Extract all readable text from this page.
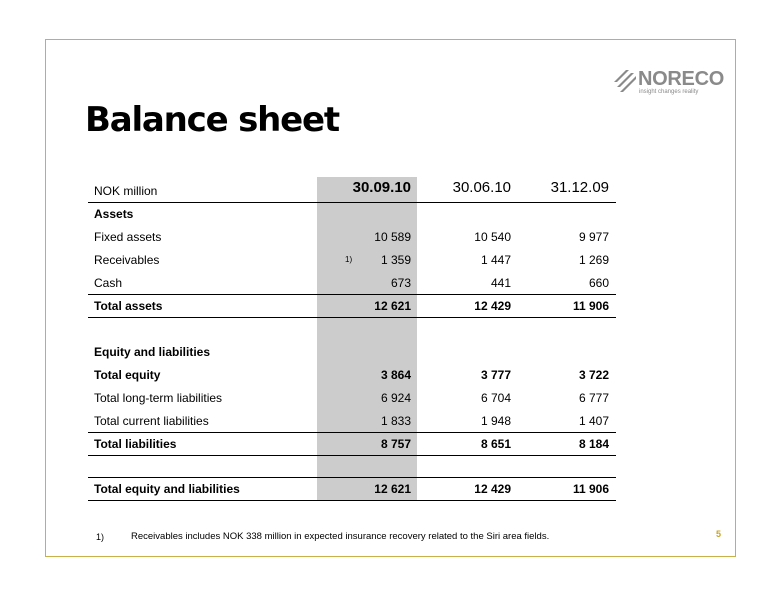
NORECO
insight changes reality
Balance sheet
NOK million	30.09.10	30.06.10	31.12.09
Assets
Fixed assets	10 589	10 540	9 977
Receivables	1)	1 359	1 447	1 269
Cash	673	441	660
Total assets	12 621	12 429	11 906
Equity and liabilities
Total equity	3 864	3 777	3 722
Total long-term liabilities	6 924	6 704	6 777
Total current liabilities	1 833	1 948	1 407
Total liabilities	8 757	8 651	8 184
Total equity and liabilities	12 621	12 429	11 906
1)	Receivables includes NOK 338 million in expected insurance recovery related to the Siri area fields.	5
